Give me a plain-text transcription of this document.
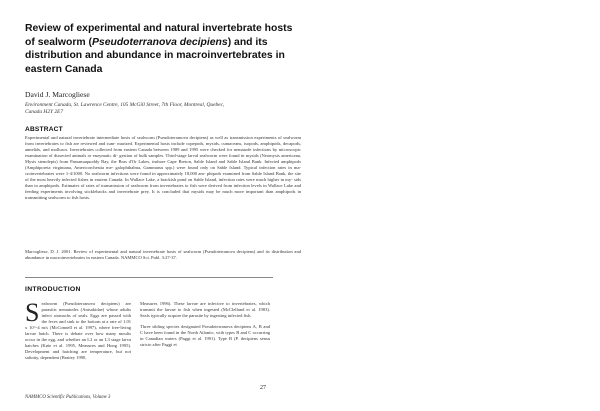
Review of experimental and natural invertebrate hosts of sealworm (Pseudoterranova decipiens) and its distribution and abundance in macroinvertebrates in eastern Canada
David J. Marcogliese
Environment Canada, St. Lawrence Centre, 105 McGill Street, 7th Floor, Montreal, Quebec, Canada H2Y 2E7
ABSTRACT

Experimental and natural invertebrate intermediate hosts of sealworm (Pseudoterranova decipiens) as well as transmission experiments of sealworm from invertebrates to fish are reviewed and sum- marized. Experimental hosts include copepods, mysids, cumaceans, isopods, amphipods, decapods, annelids, and molluscs. Invertebrates collected from eastern Canada between 1989 and 1995 were checked for nematode infections by microscopic examination of dissected animals or enzymatic di- gestion of bulk samples. Third-stage larval sealworm were found in mysids (Neomysis americana, Mysis stenolepis) from Passamaquoddy Bay, the Bras d'Or Lakes, inshore Cape Breton, Sable Island and Sable Island Bank. Infected amphipods (Amphiporeia virginiana, Americorchestia me- galophthalma, Gammarus spp.) were found only on Sable Island. Typical infection rates in ma- croinvertebrates were 1-4/1000. No sealworm infections were found in approximately 18,000 am- phipods examined from Sable Island Bank, the site of the most heavily infected fishes in eastern Canada. In Wallace Lake, a brackish pond on Sable Island, infection rates were much higher in my- sids than in amphipods. Estimates of rates of transmission of sealworm from invertebrates to fish were derived from infection levels in Wallace Lake and feeding experiments involving sticklebacks and invertebrate prey. It is concluded that mysids may be much more important than amphipods in transmitting sealworm to fish hosts.

Marcogliese, D. J. 2001. Review of experimental and natural invertebrate hosts of sealworm (Pseudoterranova decipiens) and its distribution and abundance in macroinvertebrates in eastern Canada. NAMMCO Sci. Publ. 3:27-37.

INTRODUCTION
S ealworm (Pseudoterranova decipiens) are parasitic nematodes (Anisakidae) whose adults infect stomachs of seals. Eggs are passed with the feces and sink to the bottom at a rate of 1.01 x 10^-4 m/s (McConnell et al. 1997), where free-living larvae hatch. There is debate over how many moults occur in the egg, and whether an L2 or an L3 stage larva hatches (Køie et al. 1995, Measures and Hong 1995). Development and hatching are temperature, but not salinity, dependent (Brattey 1990,

Measures 1996). These larvae are infective to invertebrates, which transmit the larvae to fish when ingested (McClelland et al. 1983). Seals typically acquire the parasite by ingesting infected fish.

Three sibling species designated Pseudoterranova decipiens A, B and C have been found in the North Atlantic, with types B and C occurring in Canadian waters (Paggi et al. 1991). Type B (P. decipiens sensu stricto after Paggi et

27
NAMMCO Scientific Publications, Volume 3
